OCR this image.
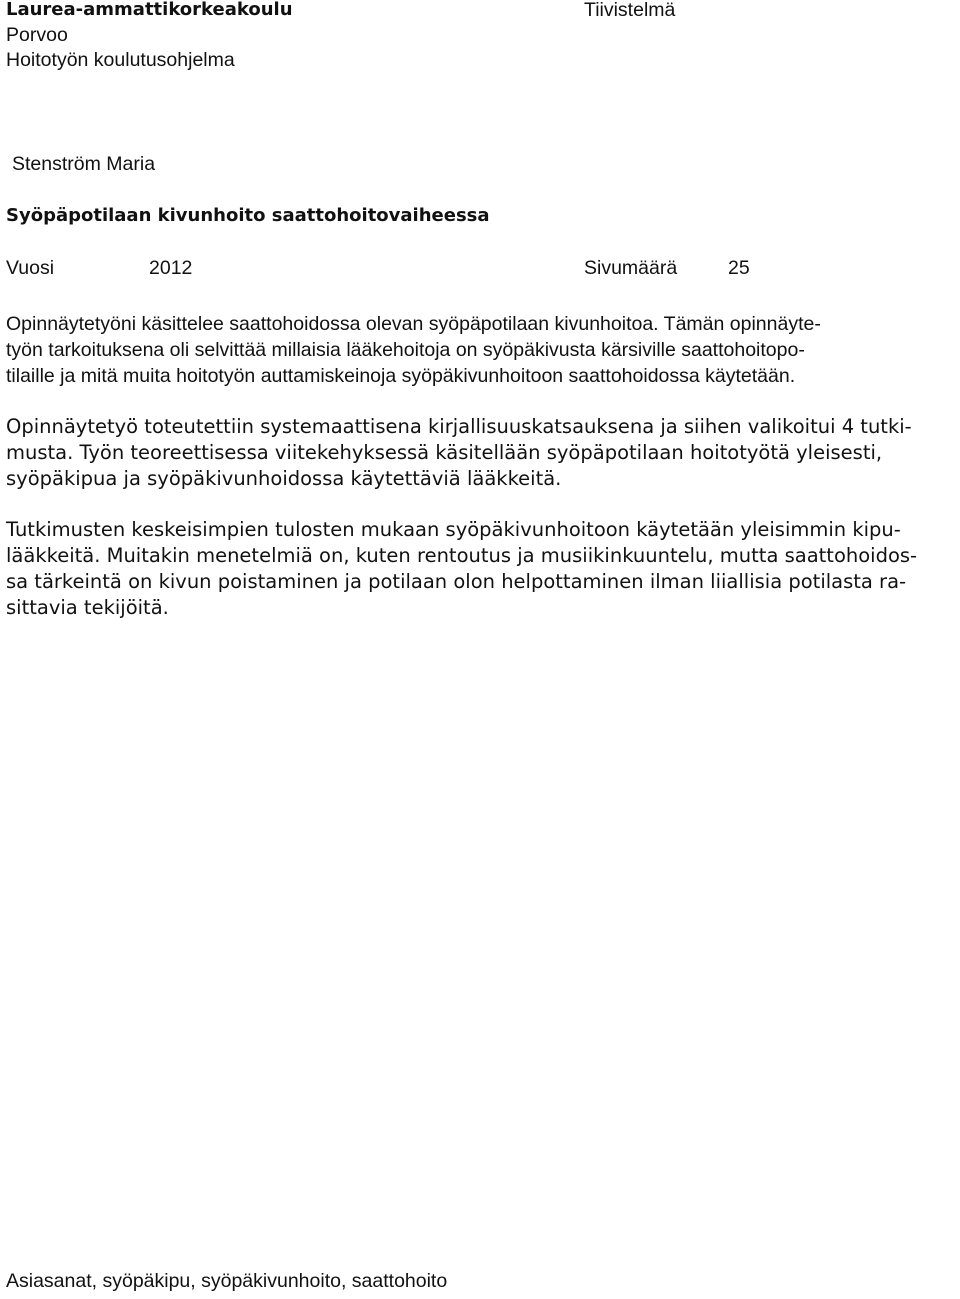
Laurea-ammattikorkeakoulu
Porvoo
Hoitotyön koulutusohjelma
Tiivistelmä
Stenström Maria
Syöpäpotilaan kivunhoito saattohoitovaiheessa
Vuosi	2012	Sivumäärä	25
Opinnäytetyöni käsittelee saattohoidossa olevan syöpäpotilaan kivunhoitoa. Tämän opinnäyte-
työn tarkoituksena oli selvittää millaisia lääkehoitoja on syöpäkivusta kärsiville saattohoitopo-
tilaille ja mitä muita hoitotyön auttamiskeinoja syöpäkivunhoitoon saattohoidossa käytetään.
Opinnäytetyö toteutettiin systemaattisena kirjallisuuskatsauksena ja siihen valikoitui 4 tutki-
musta. Työn teoreettisessa viitekehyksessä käsitellään syöpäpotilaan hoitotyötä yleisesti,
syöpäkipua ja syöpäkivunhoidossa käytettäviä lääkkeitä.
Tutkimusten keskeisimpien tulosten mukaan syöpäkivunhoitoon käytetään yleisimmin kipu-
lääkkeitä. Muitakin menetelmiä on, kuten rentoutus ja musiikinkuuntelu, mutta saattohoidos-
sa tärkeintä on kivun poistaminen ja potilaan olon helpottaminen ilman liiallisia potilasta ra-
sittavia tekijöitä.
Asiasanat, syöpäkipu, syöpäkivunhoito, saattohoito
